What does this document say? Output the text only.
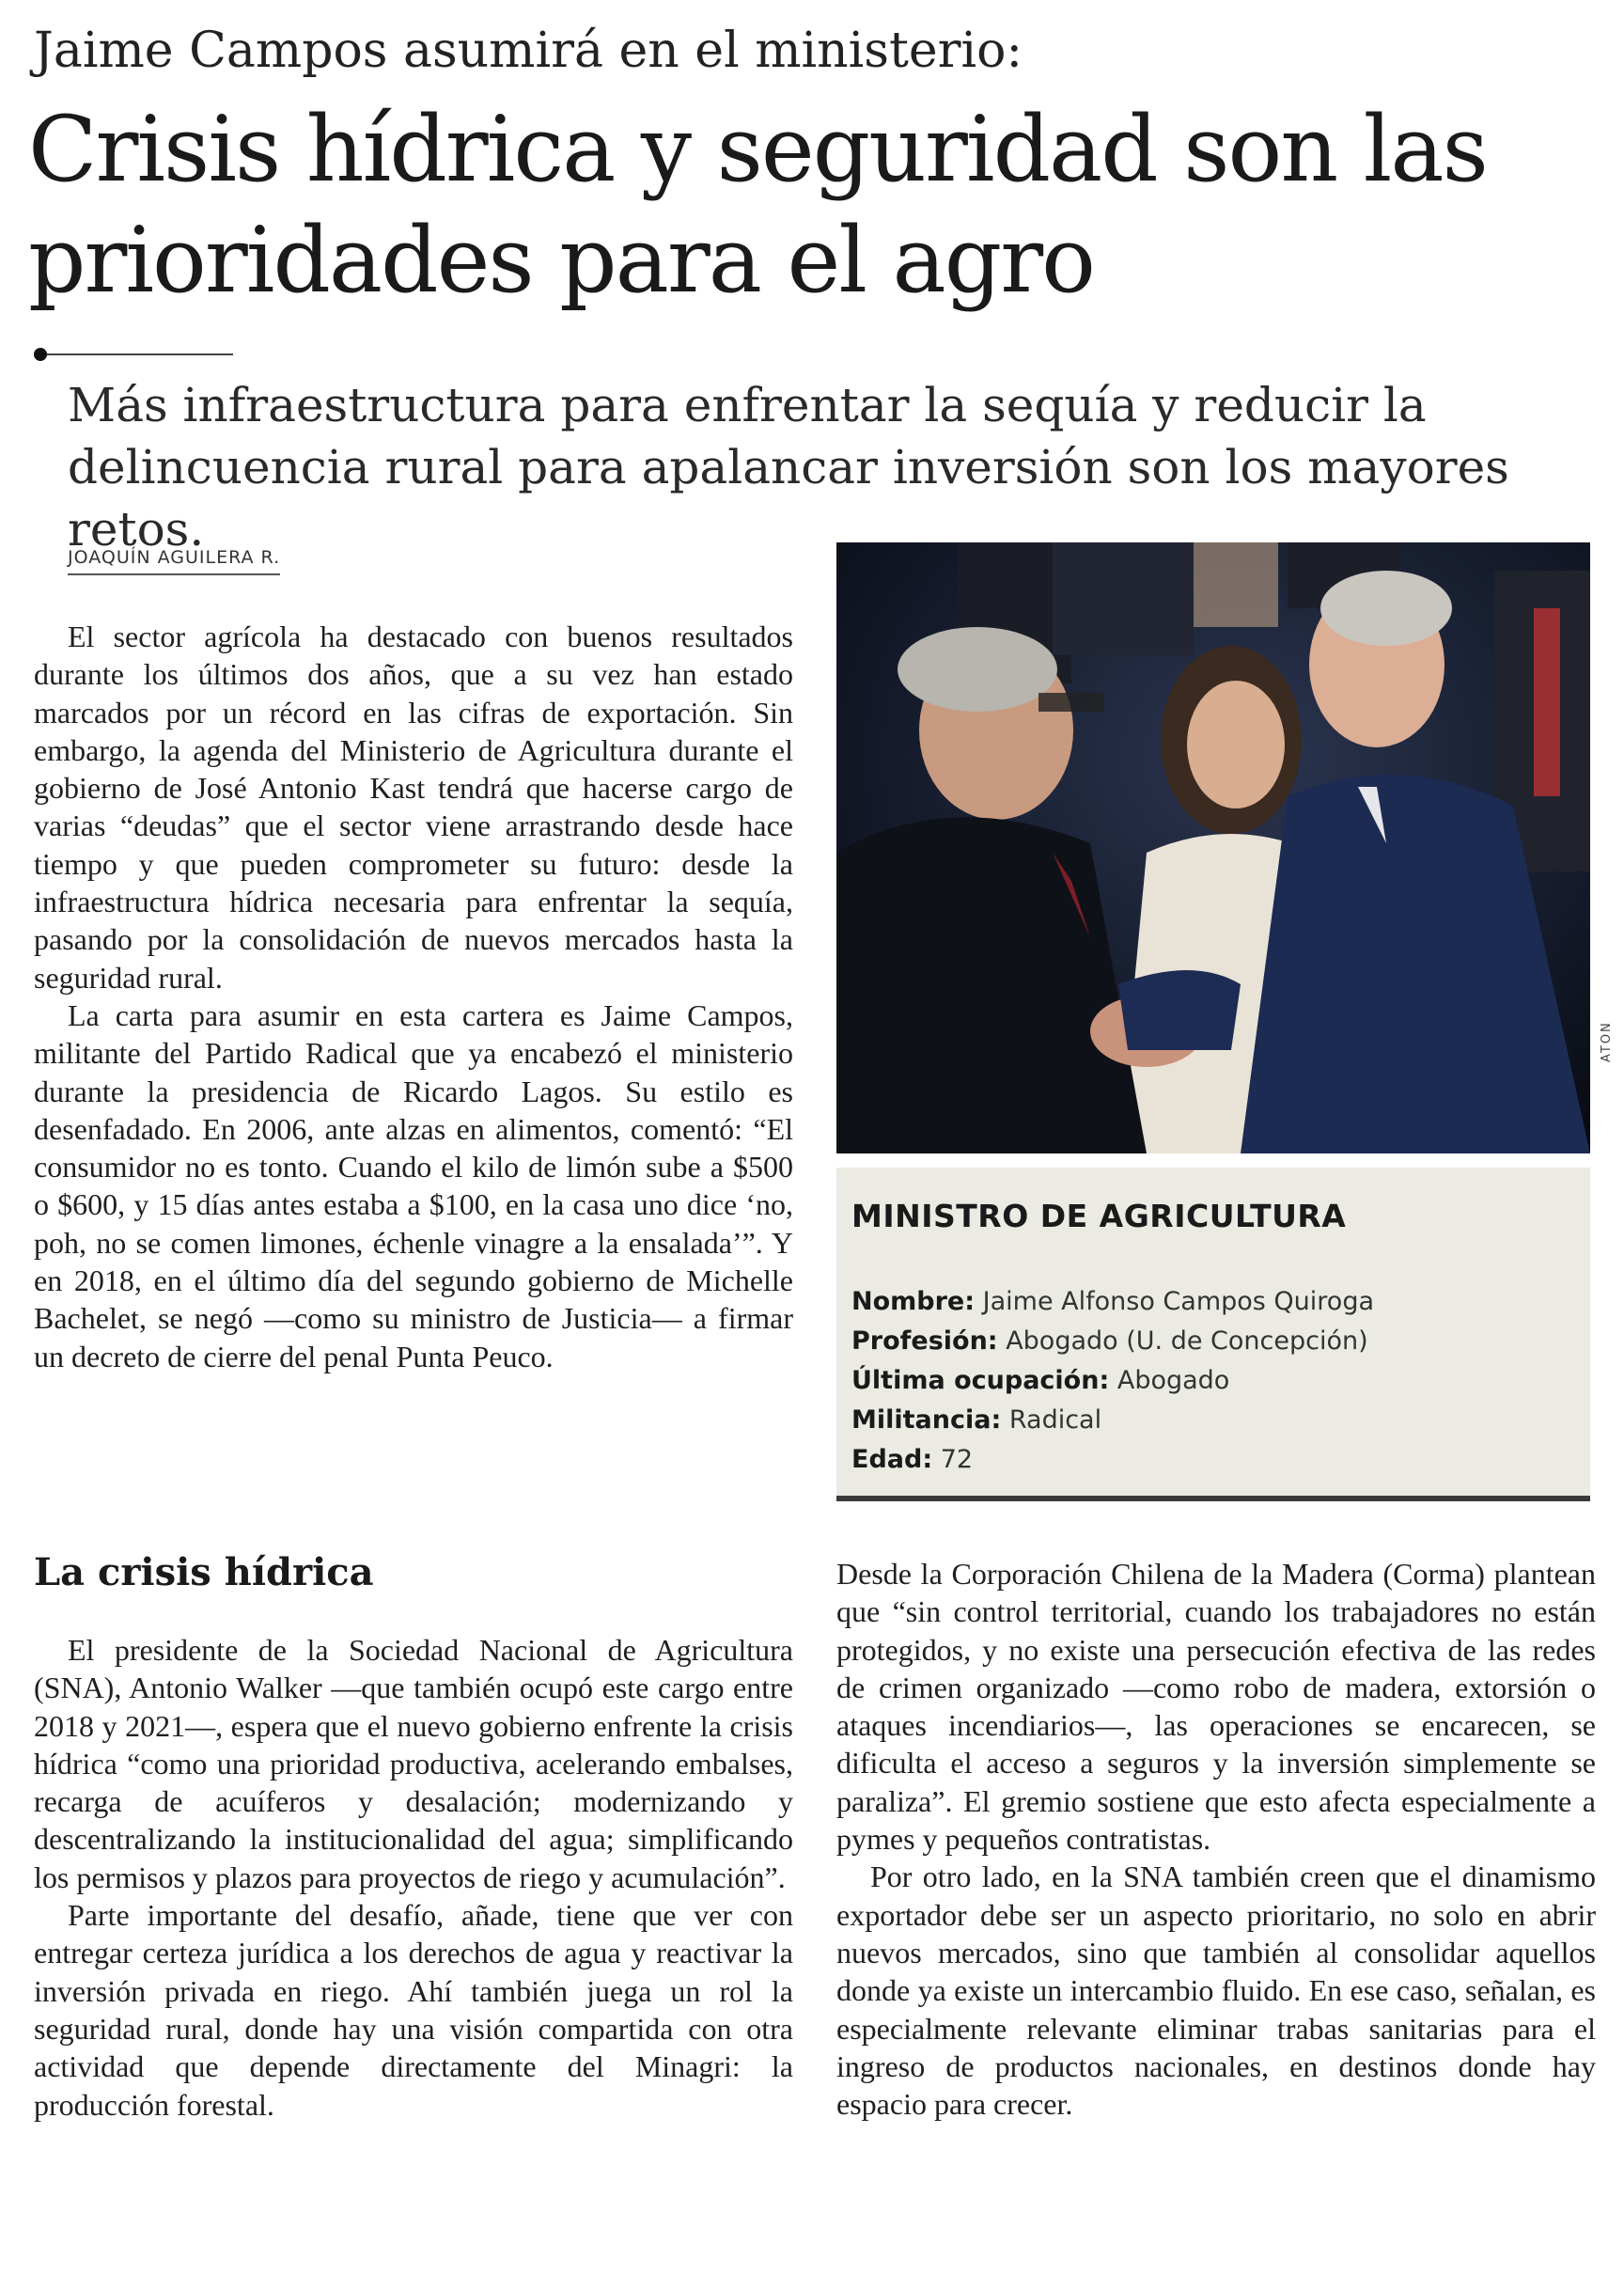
Jaime Campos asumirá en el ministerio:
Crisis hídrica y seguridad son las prioridades para el agro
Más infraestructura para enfrentar la sequía y reducir la delincuencia rural para apalancar inversión son los mayores retos.
JOAQUÍN AGUILERA R.

El sector agrícola ha destacado con buenos resultados durante los últimos dos años, que a su vez han estado marcados por un récord en las cifras de exportación. Sin embargo, la agenda del Ministerio de Agricultura durante el gobierno de José Antonio Kast tendrá que hacerse cargo de varias “deudas” que el sector viene arrastrando desde hace tiempo y que pueden comprometer su futuro: desde la infraestructura hídrica necesaria para enfrentar la sequía, pasando por la consolidación de nuevos mercados hasta la seguridad rural.

La carta para asumir en esta cartera es Jaime Campos, militante del Partido Radical que ya encabezó el ministerio durante la presidencia de Ricardo Lagos. Su estilo es desenfadado. En 2006, ante alzas en alimentos, comentó: “El consumidor no es tonto. Cuando el kilo de limón sube a $500 o $600, y 15 días antes estaba a $100, en la casa uno dice ‘no, poh, no se comen limones, échenle vinagre a la ensalada’”. Y en 2018, en el último día del segundo gobierno de Michelle Bachelet, se negó —como su ministro de Justicia— a firmar un decreto de cierre del penal Punta Peuco.

La crisis hídrica

El presidente de la Sociedad Nacional de Agricultura (SNA), Antonio Walker —que también ocupó este cargo entre 2018 y 2021—, espera que el nuevo gobierno enfrente la crisis hídrica “como una prioridad productiva, acelerando embalses, recarga de acuíferos y desalación; modernizando y descentralizando la institucionalidad del agua; simplificando los permisos y plazos para proyectos de riego y acumulación”.

Parte importante del desafío, añade, tiene que ver con entregar certeza jurídica a los derechos de agua y reactivar la inversión privada en riego. Ahí también juega un rol la seguridad rural, donde hay una visión compartida con otra actividad que depende directamente del Minagri: la producción forestal.

ATON
MINISTRO DE AGRICULTURA
Nombre: Jaime Alfonso Campos Quiroga
Profesión: Abogado (U. de Concepción)
Última ocupación: Abogado
Militancia: Radical
Edad: 72

Desde la Corporación Chilena de la Madera (Corma) plantean que “sin control territorial, cuando los trabajadores no están protegidos, y no existe una persecución efectiva de las redes de crimen organizado —como robo de madera, extorsión o ataques incendiarios—, las operaciones se encarecen, se dificulta el acceso a seguros y la inversión simplemente se paraliza”. El gremio sostiene que esto afecta especialmente a pymes y pequeños contratistas.

Por otro lado, en la SNA también creen que el dinamismo exportador debe ser un aspecto prioritario, no solo en abrir nuevos mercados, sino que también al consolidar aquellos donde ya existe un intercambio fluido. En ese caso, señalan, es especialmente relevante eliminar trabas sanitarias para el ingreso de productos nacionales, en destinos donde hay espacio para crecer.
